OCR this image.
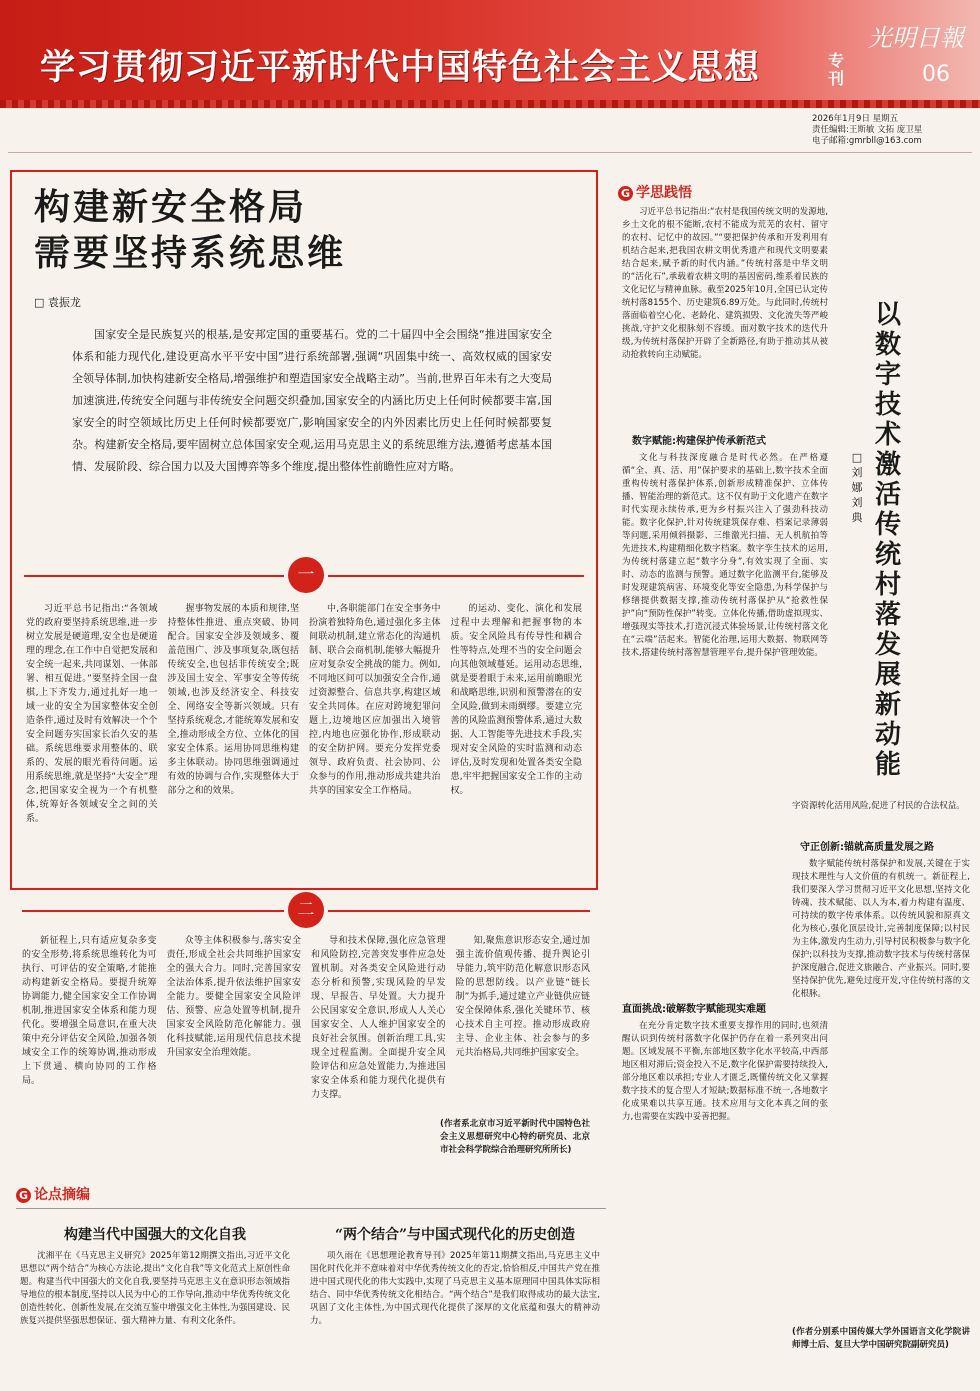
学习贯彻习近平新时代中国特色社会主义思想	专刊
光明日報
06
2026年1月9日 星期五
责任编辑:王斯敏 文拓 庞卫星
电子邮箱:gmrbll@163.com
构建新安全格局
需要坚持系统思维
□ 袁振龙

国家安全是民族复兴的根基,是安邦定国的重要基石。党的二十届四中全会围绕“推进国家安全体系和能力现代化,建设更高水平平安中国”进行系统部署,强调“巩固集中统一、高效权威的国家安全领导体制,加快构建新安全格局,增强维护和塑造国家安全战略主动”。当前,世界百年未有之大变局加速演进,传统安全问题与非传统安全问题交织叠加,国家安全的内涵比历史上任何时候都要丰富,国家安全的时空领域比历史上任何时候都要宽广,影响国家安全的内外因素比历史上任何时候都要复杂。构建新安全格局,要牢固树立总体国家安全观,运用马克思主义的系统思维方法,遵循考虑基本国情、发展阶段、综合国力以及大国博弈等多个维度,提出整体性前瞻性应对方略。

一

习近平总书记指出:“各领域党的政府要坚持系统思维,进一步树立发展是硬道理,安全也是硬道理的理念,在工作中自觉把发展和安全统一起来,共同谋划、一体部署、相互促进。”要坚持全国一盘棋,上下齐发力,通过扎好一地一域一业的安全为国家整体安全创造条件,通过及时有效解决一个个安全问题夯实国家长治久安的基础。系统思维要求用整体的、联系的、发展的眼光看待问题。运用系统思维,就是坚持“大安全”理念,把国家安全视为一个有机整体,统筹好各领域安全之间的关系。

握事物发展的本质和规律,坚持整体性推进、重点突破、协同配合。国家安全涉及领域多、覆盖范围广、涉及事项复杂,既包括传统安全,也包括非传统安全;既涉及国土安全、军事安全等传统领域,也涉及经济安全、科技安全、网络安全等新兴领域。只有坚持系统观念,才能统筹发展和安全,推动形成全方位、立体化的国家安全体系。运用协同思维构建多主体联动。协同思维强调通过有效的协调与合作,实现整体大于部分之和的效果。

中,各职能部门在安全事务中扮演着独特角色,通过强化多主体间联动机制,建立常态化的沟通机制、联合会商机制,能够大幅提升应对复杂安全挑战的能力。例如,不同地区间可以加强安全合作,通过资源整合、信息共享,构建区域安全共同体。在应对跨境犯罪问题上,边境地区应加强出入境管控,内地也应强化协作,形成联动的安全防护网。要充分发挥党委领导、政府负责、社会协同、公众参与的作用,推动形成共建共治共享的国家安全工作格局。

的运动、变化、演化和发展过程中去理解和把握事物的本质。安全风险具有传导性和耦合性等特点,处理不当的安全问题会向其他领域蔓延。运用动态思维,就是要着眼于未来,运用前瞻眼光和战略思维,识别和预警潜在的安全风险,做到未雨绸缪。要建立完善的风险监测预警体系,通过大数据、人工智能等先进技术手段,实现对安全风险的实时监测和动态评估,及时发现和处置各类安全隐患,牢牢把握国家安全工作的主动权。

二

新征程上,只有适应复杂多变的安全形势,将系统思维转化为可执行、可评估的安全策略,才能推动构建新安全格局。要提升统筹协调能力,健全国家安全工作协调机制,推进国家安全体系和能力现代化。要增强全局意识,在重大决策中充分评估安全风险,加强各领域安全工作的统筹协调,推动形成上下贯通、横向协同的工作格局。

众等主体积极参与,落实安全责任,形成全社会共同维护国家安全的强大合力。同时,完善国家安全法治体系,提升依法维护国家安全能力。要健全国家安全风险评估、预警、应急处置等机制,提升国家安全风险防范化解能力。强化科技赋能,运用现代信息技术提升国家安全治理效能。

导和技术保障,强化应急管理和风险防控,完善突发事件应急处置机制。对各类安全风险进行动态分析和预警,实现风险的早发现、早报告、早处置。大力提升公民国家安全意识,形成人人关心国家安全、人人维护国家安全的良好社会氛围。创新治理工具,实现全过程监测。全面提升安全风险评估和应急处置能力,为推进国家安全体系和能力现代化提供有力支撑。

知,聚焦意识形态安全,通过加强主流价值观传播、提升舆论引导能力,筑牢防范化解意识形态风险的思想防线。以产业链“链长制”为抓手,通过建立产业链供应链安全保障体系,强化关键环节、核心技术自主可控。推动形成政府主导、企业主体、社会参与的多元共治格局,共同维护国家安全。

(作者系北京市习近平新时代中国特色社会主义思想研究中心特约研究员、北京市社会科学院综合治理研究所所长)
G 学思践悟

习近平总书记指出:“农村是我国传统文明的发源地,乡土文化的根不能断,农村不能成为荒芜的农村、留守的农村、记忆中的故园。”“要把保护传承和开发利用有机结合起来,把我国农耕文明优秀遗产和现代文明要素结合起来,赋予新的时代内涵。”传统村落是中华文明的“活化石”,承载着农耕文明的基因密码,维系着民族的文化记忆与精神血脉。截至2025年10月,全国已认定传统村落8155个、历史建筑6.89万处。与此同时,传统村落面临着空心化、老龄化、建筑损毁、文化流失等严峻挑战,守护文化根脉刻不容缓。面对数字技术的迭代升级,为传统村落保护开辟了全新路径,有助于推动其从被动抢救转向主动赋能。

数字赋能:构建保护传承新范式

文化与科技深度融合是时代必然。在严格遵循“全、真、活、用”保护要求的基础上,数字技术全面重构传统村落保护体系,创新形成精准保护、立体传播、智能治理的新范式。这不仅有助于文化遗产在数字时代实现永续传承,更为乡村振兴注入了强劲科技动能。数字化保护,针对传统建筑保存难、档案记录薄弱等问题,采用倾斜摄影、三维激光扫描、无人机航拍等先进技术,构建精细化数字档案。数字孪生技术的运用,为传统村落建立起“数字分身”,有效实现了全面、实时、动态的监测与预警。通过数字化监测平台,能够及时发现建筑病害、环境变化等安全隐患,为科学保护与修缮提供数据支撑,推动传统村落保护从“抢救性保护”向“预防性保护”转变。立体化传播,借助虚拟现实、增强现实等技术,打造沉浸式体验场景,让传统村落文化在“云端”活起来。智能化治理,运用大数据、物联网等技术,搭建传统村落智慧管理平台,提升保护管理效能。

直面挑战:破解数字赋能现实难题

在充分肯定数字技术重要支撑作用的同时,也须清醒认识到传统村落数字化保护仍存在着一系列突出问题。区域发展不平衡,东部地区数字化水平较高,中西部地区相对滞后;资金投入不足,数字化保护需要持续投入,部分地区难以承担;专业人才匮乏,既懂传统文化又掌握数字技术的复合型人才短缺;数据标准不统一,各地数字化成果难以共享互通。技术应用与文化本真之间的张力,也需要在实践中妥善把握。

以数字技术激活传统村落发展新动能
□ 刘娜 刘典

字资源转化活用风险,促进了村民的合法权益。

守正创新:锚就高质量发展之路

数字赋能传统村落保护和发展,关键在于实现技术理性与人文价值的有机统一。新征程上,我们要深入学习贯彻习近平文化思想,坚持文化铸魂、技术赋能、以人为本,着力构建有温度、可持续的数字传承体系。以传统风貌和原真文化为核心,强化顶层设计,完善制度保障;以村民为主体,激发内生动力,引导村民积极参与数字化保护;以科技为支撑,推动数字技术与传统村落保护深度融合,促进文旅融合、产业振兴。同时,要坚持保护优先,避免过度开发,守住传统村落的文化根脉。

(作者分别系中国传媒大学外国语言文化学院讲师博士后、复旦大学中国研究院副研究员)

G 论点摘编
构建当代中国强大的文化自我

沈湘平在《马克思主义研究》2025年第12期撰文指出,习近平文化思想以“两个结合”为核心方法论,提出“文化自我”等文化范式上原创性命题。构建当代中国强大的文化自我,要坚持马克思主义在意识形态领域指导地位的根本制度,坚持以人民为中心的工作导向,推动中华优秀传统文化创造性转化、创新性发展,在交流互鉴中增强文化主体性,为强国建设、民族复兴提供坚强思想保证、强大精神力量、有利文化条件。

“两个结合”与中国式现代化的历史创造

项久雨在《思想理论教育导刊》2025年第11期撰文指出,马克思主义中国化时代化并不意味着对中华优秀传统文化的否定,恰恰相反,中国共产党在推进中国式现代化的伟大实践中,实现了马克思主义基本原理同中国具体实际相结合、同中华优秀传统文化相结合。“两个结合”是我们取得成功的最大法宝,巩固了文化主体性,为中国式现代化提供了深厚的文化底蕴和强大的精神动力。
